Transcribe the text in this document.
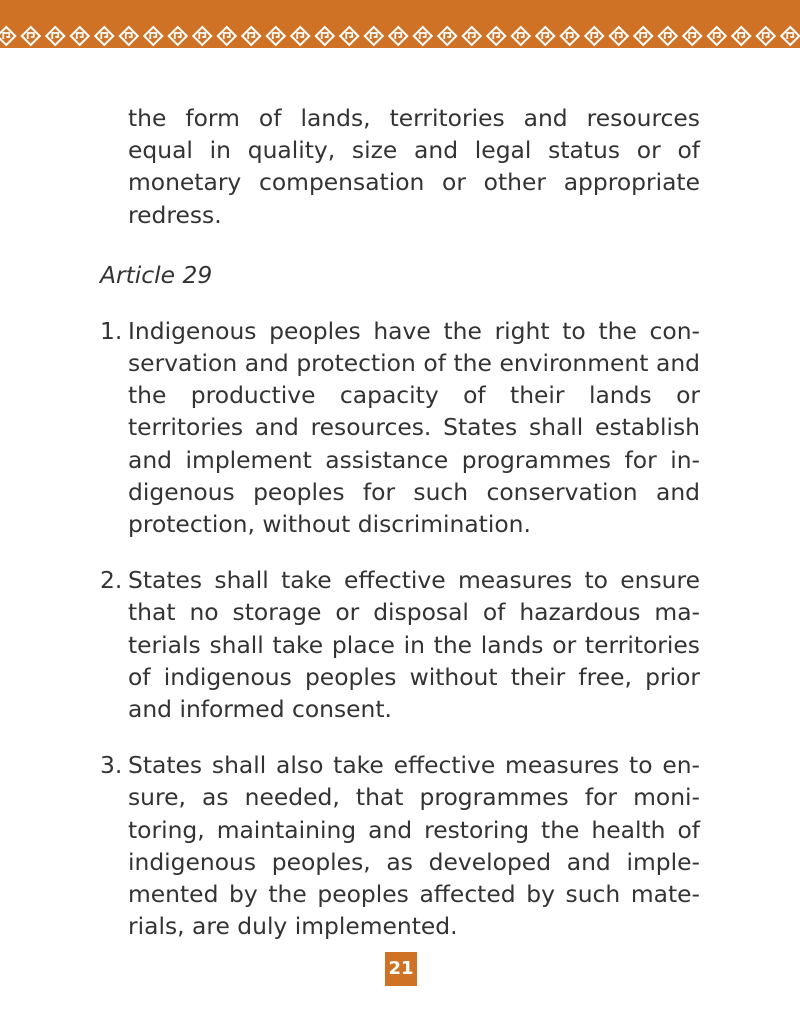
the form of lands, territories and resources equal in quality, size and legal status or of monetary compensation or other appropriate redress.

Article 29
1. Indigenous peoples have the right to the conservation and protection of the environment and the productive capacity of their lands or territories and resources. States shall establish and implement assistance programmes for indigenous peoples for such conservation and protection, without discrimination.

2. States shall take effective measures to ensure that no storage or disposal of hazardous materials shall take place in the lands or territories of indigenous peoples without their free, prior and informed consent.

3. States shall also take effective measures to ensure, as needed, that programmes for monitoring, maintaining and restoring the health of indigenous peoples, as developed and implemented by the peoples affected by such materials, are duly implemented.

21
